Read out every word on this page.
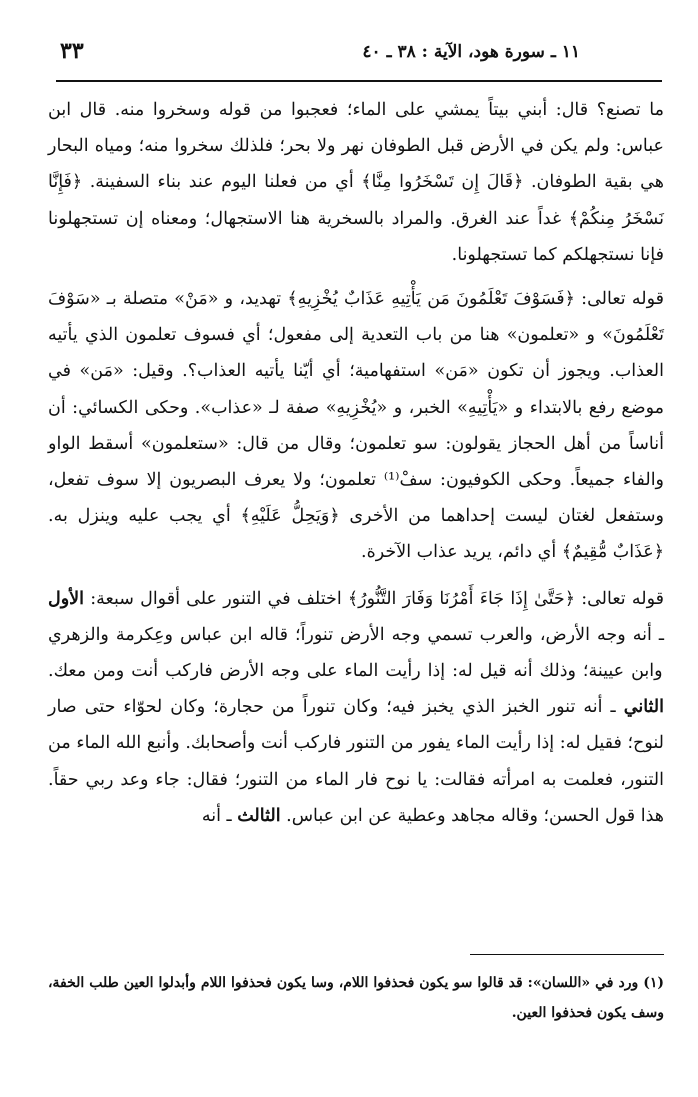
٣٣	١١ ـ سورة هود، الآية : ٣٨ ـ ٤٠

ما تصنع؟ قال: أبني بيتاً يمشي على الماء؛ فعجبوا من قوله وسخروا منه. قال ابن عباس: ولم يكن في الأرض قبل الطوفان نهر ولا بحر؛ فلذلك سخروا منه؛ ومياه البحار هي بقية الطوفان. ﴿قَالَ إِن تَسْخَرُوا مِنَّا﴾ أي من فعلنا اليوم عند بناء السفينة. ﴿فَإِنَّا نَسْخَرُ مِنكُمْ﴾ غداً عند الغرق. والمراد بالسخرية هنا الاستجهال؛ ومعناه إن تستجهلونا فإنا نستجهلكم كما تستجهلونا.

قوله تعالى: ﴿فَسَوْفَ تَعْلَمُونَ مَن يَأْتِيهِ عَذَابٌ يُخْزِيهِ﴾ تهديد، و «مَنْ» متصلة بـ «سَوْفَ تَعْلَمُونَ» و «تعلمون» هنا من باب التعدية إلى مفعول؛ أي فسوف تعلمون الذي يأتيه العذاب. ويجوز أن تكون «مَن» استفهامية؛ أي أيّنا يأتيه العذاب؟. وقيل: «مَن» في موضع رفع بالابتداء و «يَأْتِيهِ» الخبر، و «يُخْزِيهِ» صفة لـ «عذاب». وحكى الكسائي: أن أناساً من أهل الحجاز يقولون: سو تعلمون؛ وقال من قال: «ستعلمون» أسقط الواو والفاء جميعاً. وحكى الكوفيون: سفْ⁽¹⁾ تعلمون؛ ولا يعرف البصريون إلا سوف تفعل، وستفعل لغتان ليست إحداهما من الأخرى ﴿وَيَحِلُّ عَلَيْهِ﴾ أي يجب عليه وينزل به. ﴿عَذَابٌ مُّقِيمٌ﴾ أي دائم، يريد عذاب الآخرة.

قوله تعالى: ﴿حَتَّىٰ إِذَا جَاءَ أَمْرُنَا وَفَارَ التَّنُّورُ﴾ اختلف في التنور على أقوال سبعة: الأول ـ أنه وجه الأرض، والعرب تسمي وجه الأرض تنوراً؛ قاله ابن عباس وعِكرمة والزهري وابن عيينة؛ وذلك أنه قيل له: إذا رأيت الماء على وجه الأرض فاركب أنت ومن معك. الثاني ـ أنه تنور الخبز الذي يخبز فيه؛ وكان تنوراً من حجارة؛ وكان لحوّاء حتى صار لنوح؛ فقيل له: إذا رأيت الماء يفور من التنور فاركب أنت وأصحابك. وأنبع الله الماء من التنور، فعلمت به امرأته فقالت: يا نوح فار الماء من التنور؛ فقال: جاء وعد ربي حقاً. هذا قول الحسن؛ وقاله مجاهد وعطية عن ابن عباس. الثالث ـ أنه

(١) ورد في «اللسان»: قد قالوا سو يكون فحذفوا اللام، وسا يكون فحذفوا اللام وأبدلوا العين طلب الخفة، وسف يكون فحذفوا العين.
